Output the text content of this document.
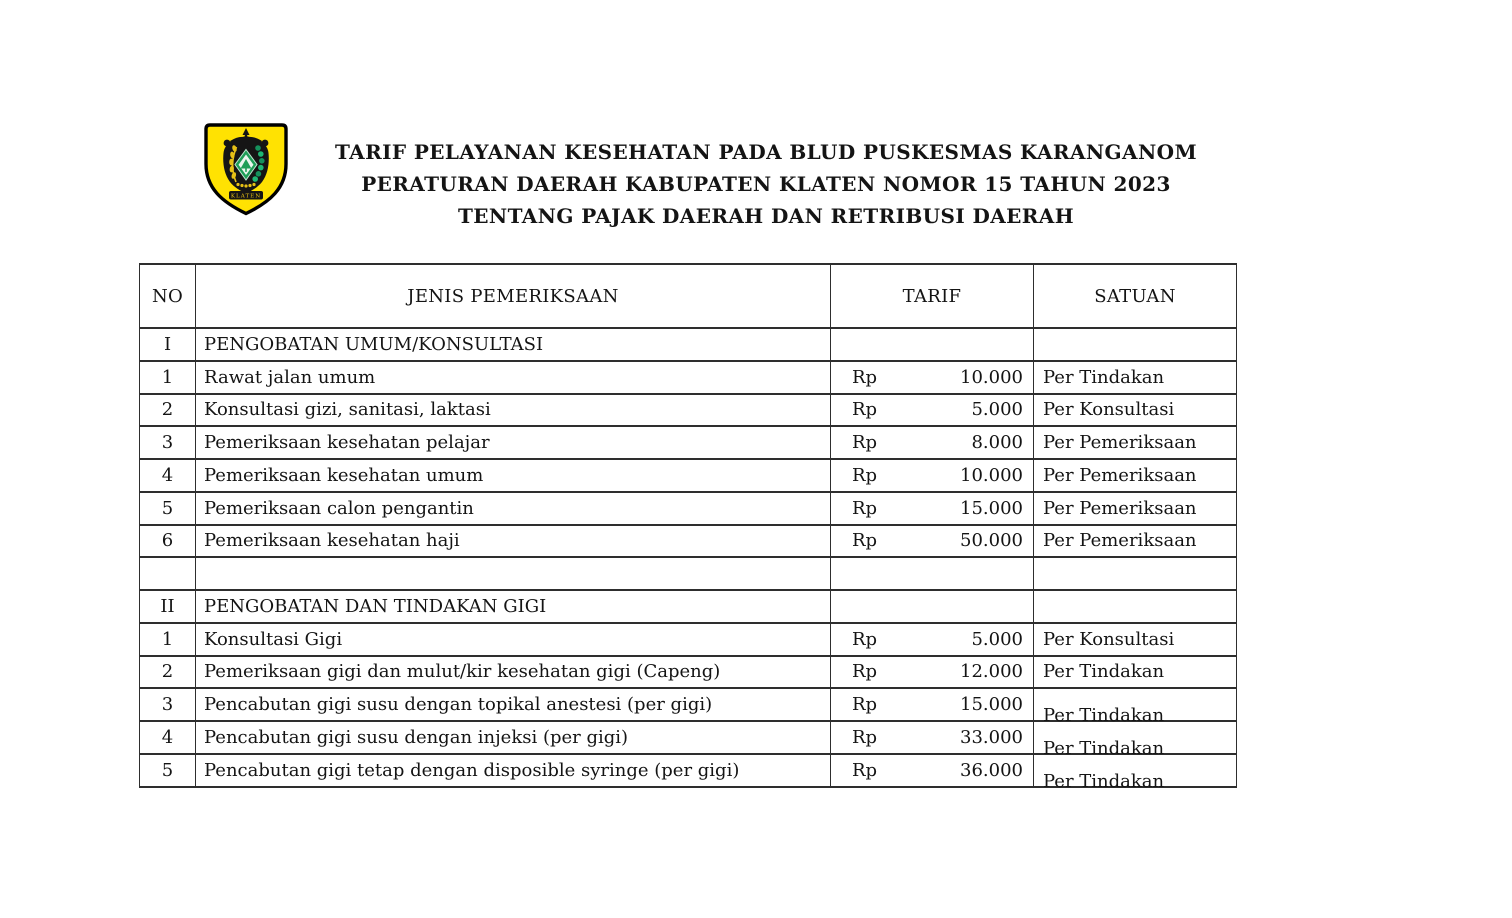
KLATEN
TARIF PELAYANAN KESEHATAN PADA BLUD PUSKESMAS KARANGANOM
PERATURAN DAERAH KABUPATEN KLATEN NOMOR 15 TAHUN 2023
TENTANG PAJAK DAERAH DAN RETRIBUSI DAERAH
NO	JENIS PEMERIKSAAN	TARIF	SATUAN
I	PENGOBATAN UMUM/KONSULTASI		
1	Rawat jalan umum	Rp 10.000	Per Tindakan
2	Konsultasi gizi, sanitasi, laktasi	Rp 5.000	Per Konsultasi
3	Pemeriksaan kesehatan pelajar	Rp 8.000	Per Pemeriksaan
4	Pemeriksaan kesehatan umum	Rp 10.000	Per Pemeriksaan
5	Pemeriksaan calon pengantin	Rp 15.000	Per Pemeriksaan
6	Pemeriksaan kesehatan haji	Rp 50.000	Per Pemeriksaan

II	PENGOBATAN DAN TINDAKAN GIGI		
1	Konsultasi Gigi	Rp 5.000	Per Konsultasi
2	Pemeriksaan gigi dan mulut/kir kesehatan gigi (Capeng)	Rp 12.000	Per Tindakan
3	Pencabutan gigi susu dengan topikal anestesi (per gigi)	Rp 15.000	Per Tindakan
4	Pencabutan gigi susu dengan injeksi (per gigi)	Rp 33.000	Per Tindakan
5	Pencabutan gigi tetap dengan disposible syringe (per gigi)	Rp 36.000	Per Tindakan
